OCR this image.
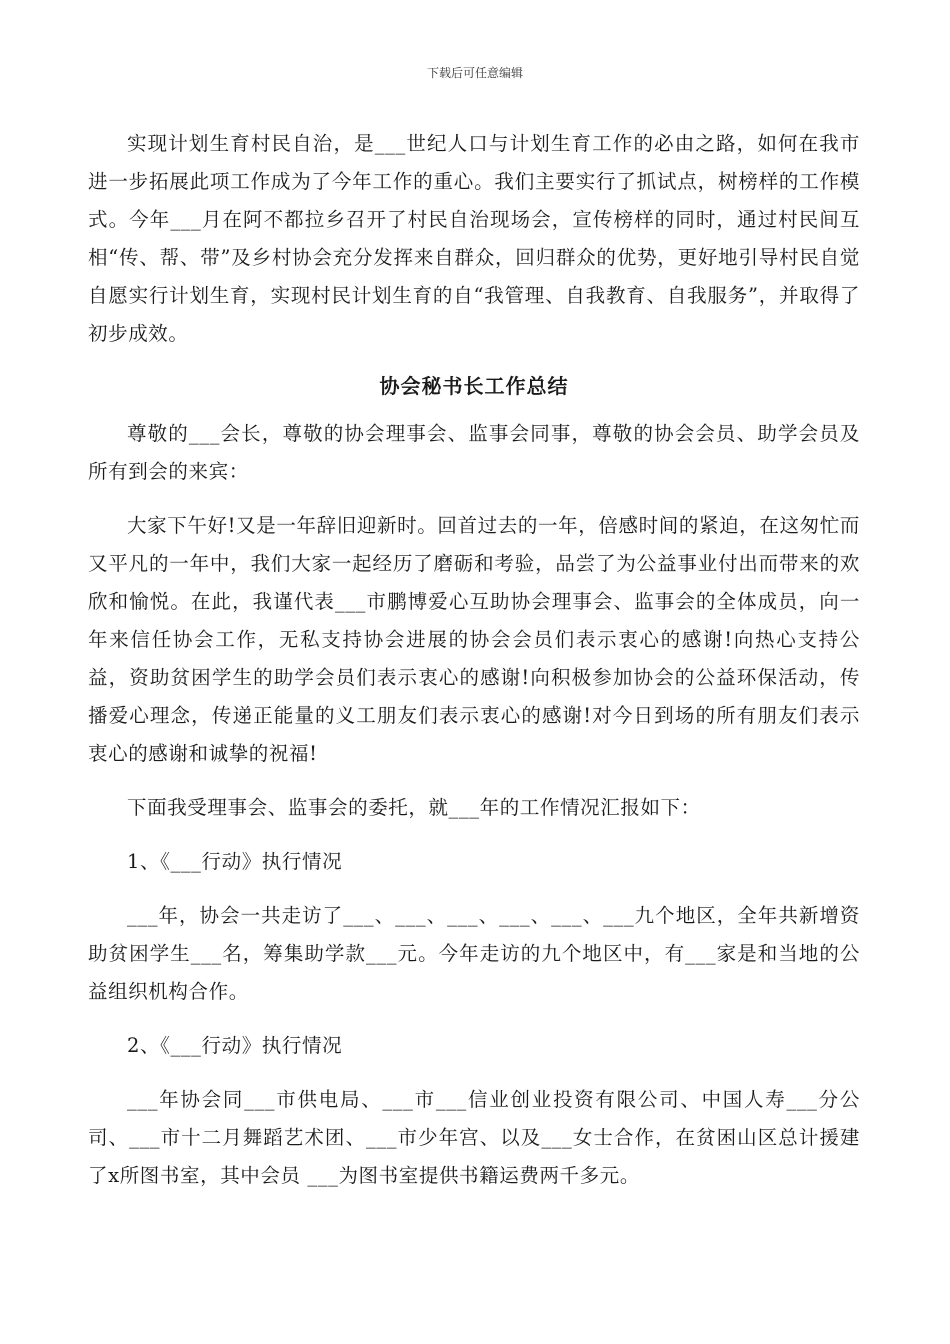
下载后可任意编辑

实现计划生育村民自治，是___世纪人口与计划生育工作的必由之路，如何在我市进一步拓展此项工作成为了今年工作的重心。我们主要实行了抓试点，树榜样的工作模式。今年___月在阿不都拉乡召开了村民自治现场会，宣传榜样的同时，通过村民间互相“传、帮、带”及乡村协会充分发挥来自群众，回归群众的优势，更好地引导村民自觉自愿实行计划生育，实现村民计划生育的自“我管理、自我教育、自我服务”，并取得了初步成效。

协会秘书长工作总结

尊敬的___会长，尊敬的协会理事会、监事会同事，尊敬的协会会员、助学会员及所有到会的来宾：

大家下午好!又是一年辞旧迎新时。回首过去的一年，倍感时间的紧迫，在这匆忙而又平凡的一年中，我们大家一起经历了磨砺和考验，品尝了为公益事业付出而带来的欢欣和愉悦。在此，我谨代表___市鹏博爱心互助协会理事会、监事会的全体成员，向一年来信任协会工作，无私支持协会进展的协会会员们表示衷心的感谢!向热心支持公益，资助贫困学生的助学会员们表示衷心的感谢!向积极参加协会的公益环保活动，传播爱心理念，传递正能量的义工朋友们表示衷心的感谢!对今日到场的所有朋友们表示衷心的感谢和诚挚的祝福!

下面我受理事会、监事会的委托，就___年的工作情况汇报如下：

1、《___行动》执行情况

___年，协会一共走访了___、___、___、___、___、___九个地区，全年共新增资助贫困学生___名，筹集助学款___元。今年走访的九个地区中，有___家是和当地的公益组织机构合作。

2、《___行动》执行情况

___年协会同___市供电局、___市___信业创业投资有限公司、中国人寿___分公司、___市十二月舞蹈艺术团、___市少年宫、以及___女士合作，在贫困山区总计援建了x所图书室，其中会员 ___为图书室提供书籍运费两千多元。
